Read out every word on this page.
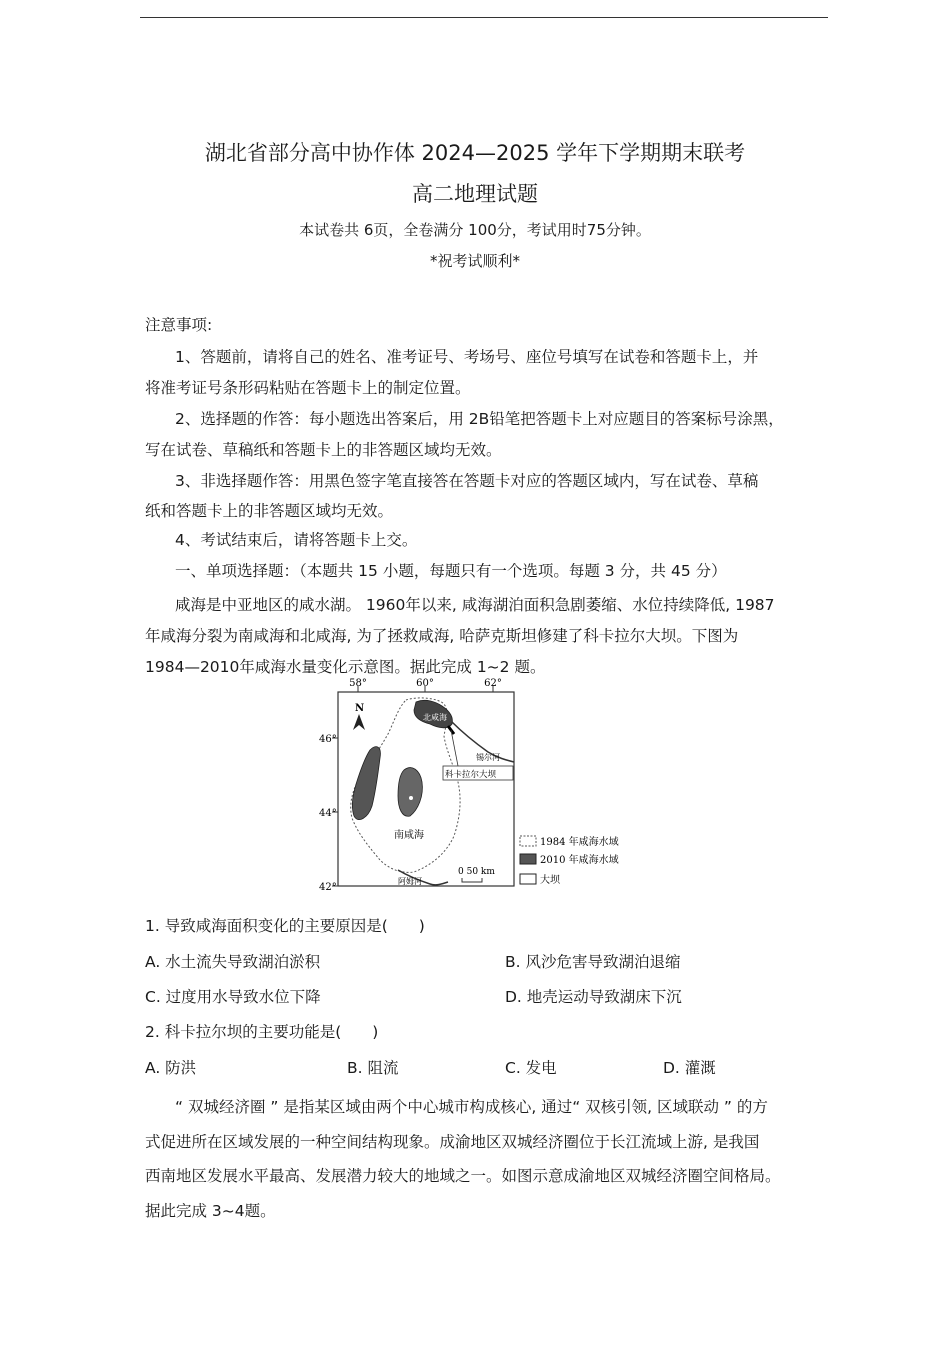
湖北省部分高中协作体 2024—2025 学年下学期期末联考
高二地理试题
本试卷共 6页，全卷满分 100分，考试用时75分钟。
*祝考试顺利*
注意事项:
1、答题前，请将自己的姓名、准考证号、考场号、座位号填写在试卷和答题卡上，并
将准考证号条形码粘贴在答题卡上的制定位置。
2、选择题的作答：每小题选出答案后，用 2B铅笔把答题卡上对应题目的答案标号涂黑，
写在试卷、草稿纸和答题卡上的非答题区域均无效。
3、非选择题作答：用黑色签字笔直接答在答题卡对应的答题区域内，写在试卷、草稿
纸和答题卡上的非答题区域均无效。
4、考试结束后，请将答题卡上交。
一、单项选择题：（本题共 15 小题，每题只有一个选项。每题 3 分，共 45 分）
咸海是中亚地区的咸水湖。 1960年以来, 咸海湖泊面积急剧萎缩、水位持续降低, 1987
年咸海分裂为南咸海和北咸海, 为了拯救咸海, 哈萨克斯坦修建了科卡拉尔大坝。下图为
1984—2010年咸海水量变化示意图。据此完成 1~2 题。
58°	60°	62°
46°
44°
42°
N
北咸海
南咸海
锡尔河
阿姆河
科卡拉尔大坝
0 50 km
1984 年咸海水域
2010 年咸海水域
大坝
1. 导致咸海面积变化的主要原因是(　　)
A. 水土流失导致湖泊淤积	B. 风沙危害导致湖泊退缩
C. 过度用水导致水位下降	D. 地壳运动导致湖床下沉
2. 科卡拉尔坝的主要功能是(　　)
A. 防洪	B. 阻流	C. 发电	D. 灌溉
“ 双城经济圈 ” 是指某区域由两个中心城市构成核心, 通过“ 双核引领, 区域联动 ” 的方
式促进所在区域发展的一种空间结构现象。成渝地区双城经济圈位于长江流域上游, 是我国
西南地区发展水平最高、发展潜力较大的地域之一。如图示意成渝地区双城经济圈空间格局。
据此完成 3~4题。
